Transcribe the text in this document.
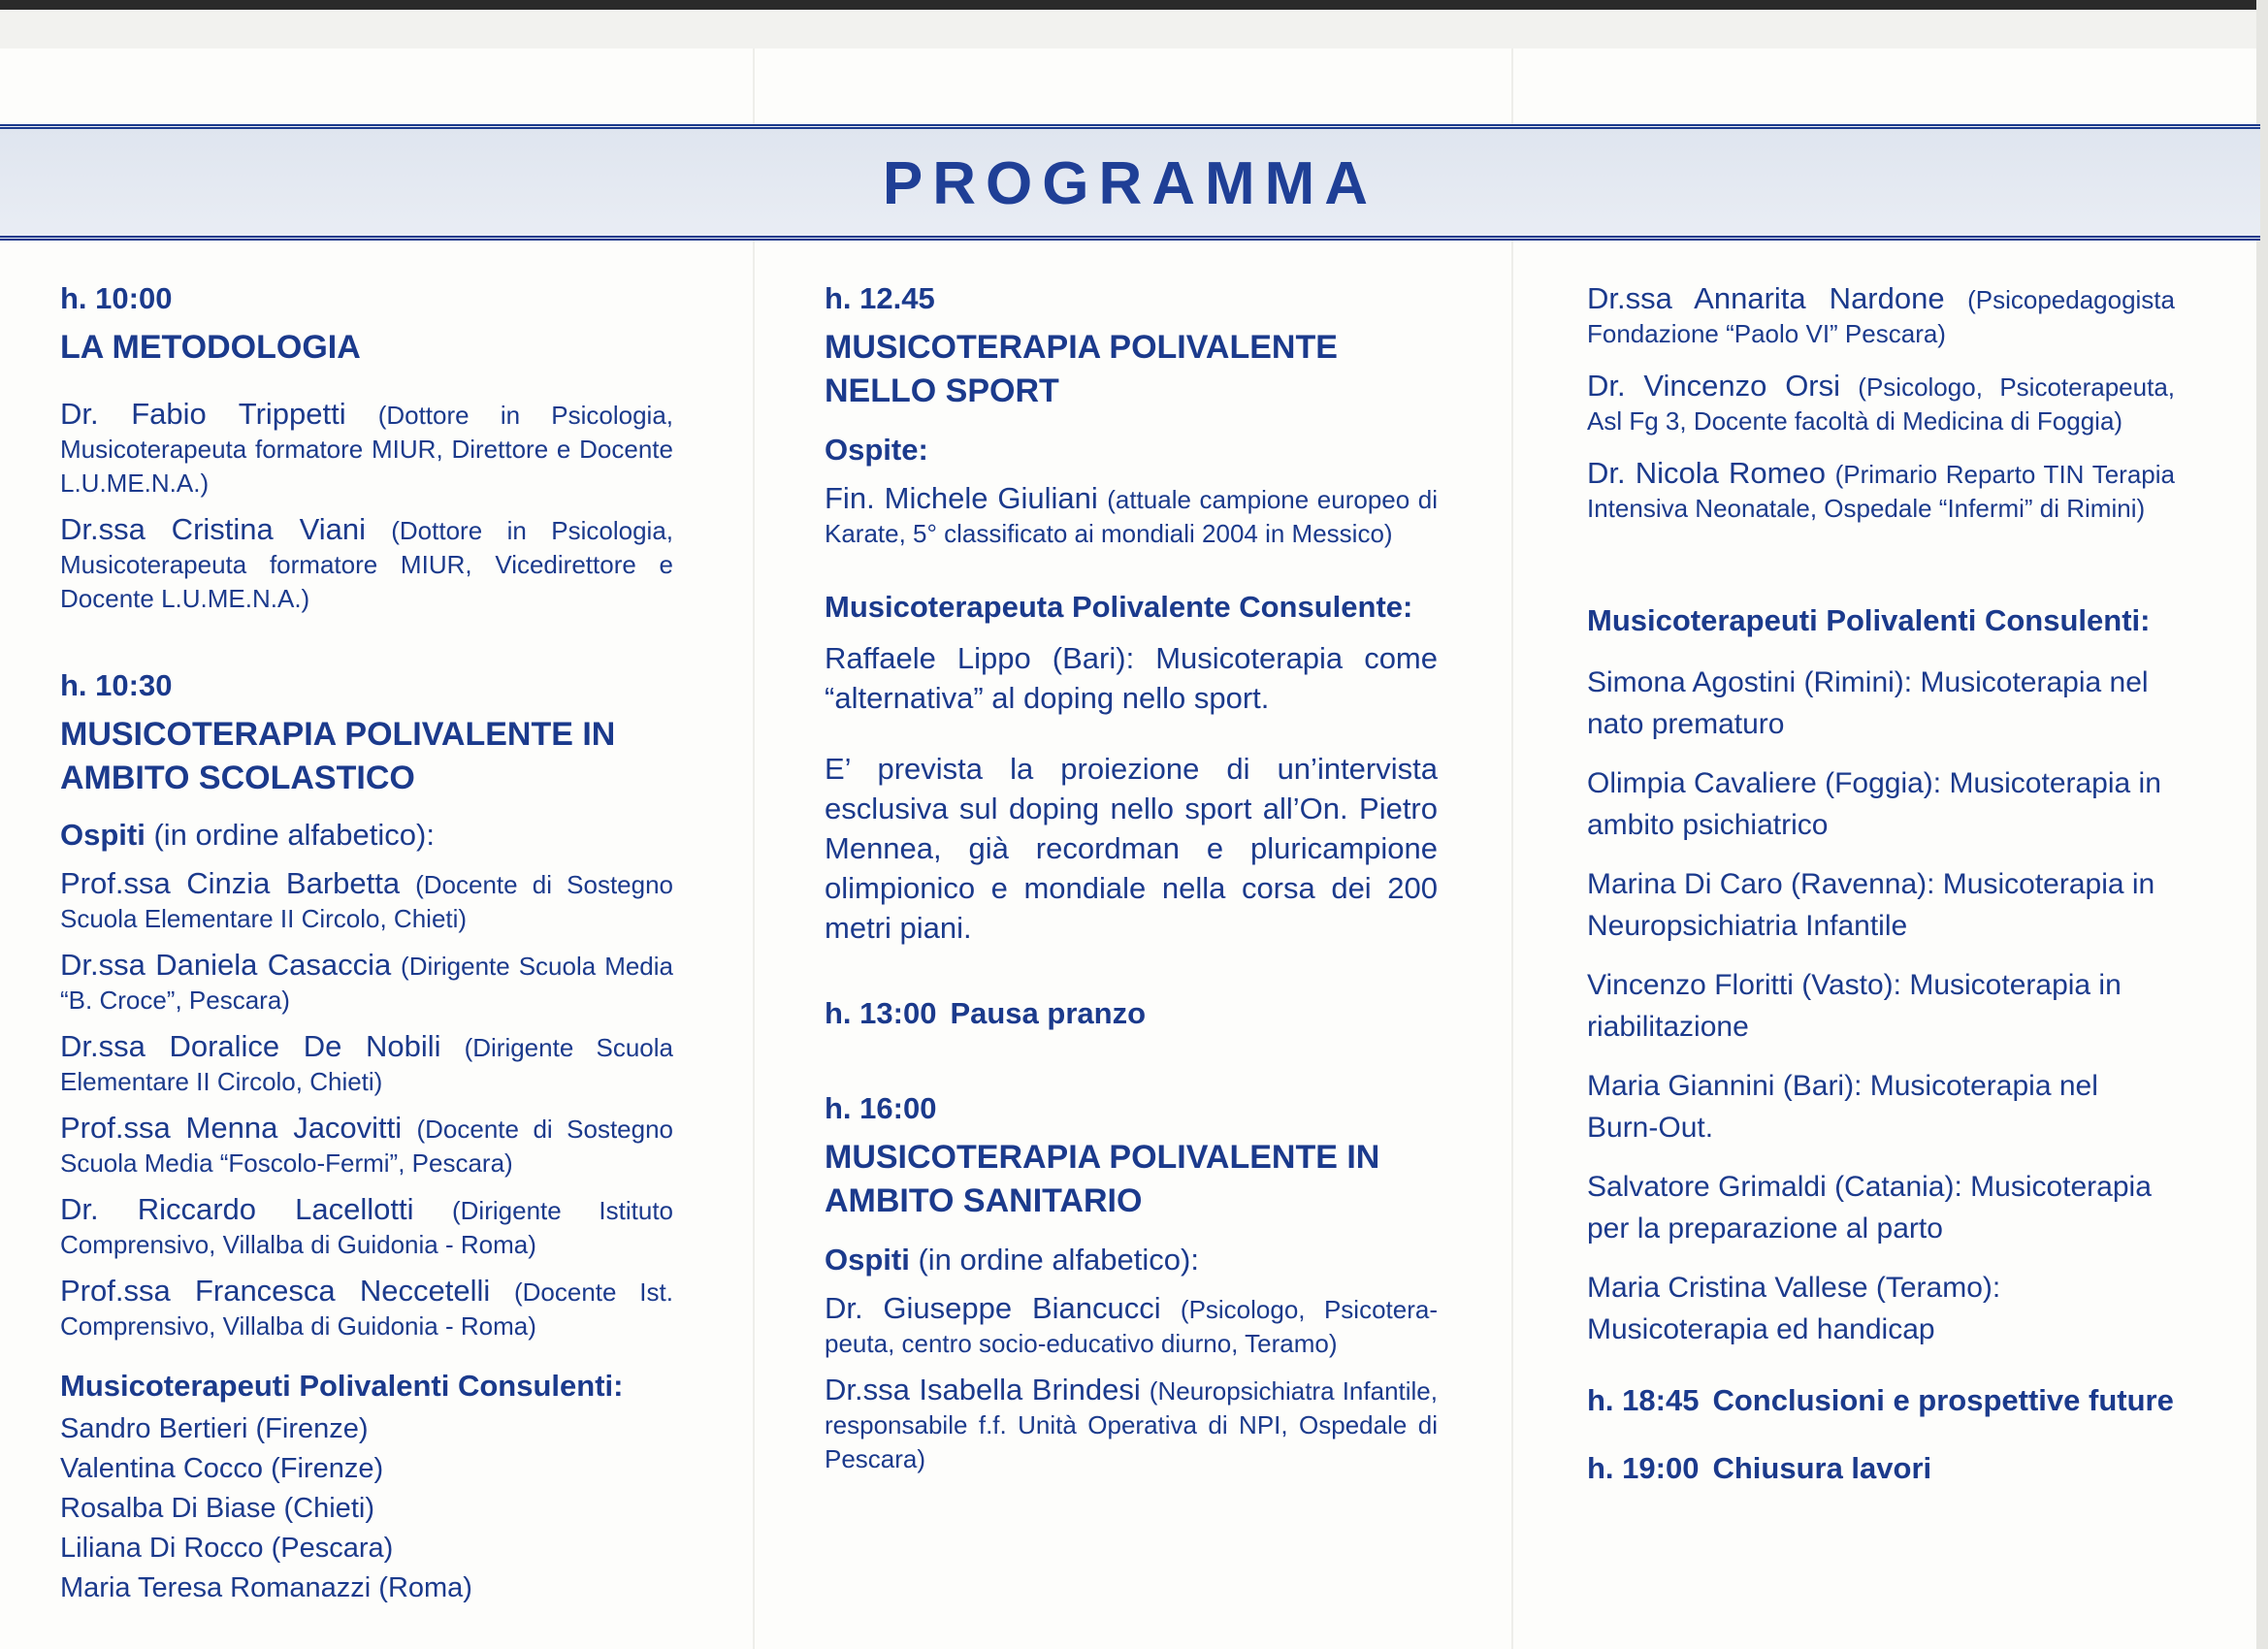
PROGRAMMA
h. 10:00
LA METODOLOGIA
Dr. Fabio Trippetti (Dottore in Psicologia, Musicoterapeuta formatore MIUR, Direttore e Docente L.U.ME.N.A.)
Dr.ssa Cristina Viani (Dottore in Psicologia, Musicoterapeuta formatore MIUR, Vicedirettore e Docente L.U.ME.N.A.)
h. 10:30
MUSICOTERAPIA POLIVALENTE IN AMBITO SCOLASTICO
Ospiti (in ordine alfabetico):
Prof.ssa Cinzia Barbetta (Docente di Sostegno Scuola Elementare II Circolo, Chieti)
Dr.ssa Daniela Casaccia (Dirigente Scuola Media “B. Croce”, Pescara)
Dr.ssa Doralice De Nobili (Dirigente Scuola Elementare II Circolo, Chieti)
Prof.ssa Menna Jacovitti (Docente di Sostegno Scuola Media “Foscolo-Fermi”, Pescara)
Dr. Riccardo Lacellotti (Dirigente Istituto Comprensivo, Villalba di Guidonia - Roma)
Prof.ssa Francesca Neccetelli (Docente Ist. Comprensivo, Villalba di Guidonia - Roma)
Musicoterapeuti Polivalenti Consulenti:
Sandro Bertieri (Firenze)
Valentina Cocco (Firenze)
Rosalba Di Biase (Chieti)
Liliana Di Rocco (Pescara)
Maria Teresa Romanazzi (Roma)
h. 12.45
MUSICOTERAPIA POLIVALENTE NELLO SPORT
Ospite:
Fin. Michele Giuliani (attuale campione europeo di Karate, 5° classificato ai mondiali 2004 in Messico)
Musicoterapeuta Polivalente Consulente:
Raffaele Lippo (Bari): Musicoterapia come “alternativa” al doping nello sport.
E’ prevista la proiezione di un’intervista esclusiva sul doping nello sport all’On. Pietro Mennea, già recordman e pluricampione olimpionico e mondiale nella corsa dei 200 metri piani.
h. 13:00 Pausa pranzo
h. 16:00
MUSICOTERAPIA POLIVALENTE IN AMBITO SANITARIO
Ospiti (in ordine alfabetico):
Dr. Giuseppe Biancucci (Psicologo, Psicotera-peuta, centro socio-educativo diurno, Teramo)
Dr.ssa Isabella Brindesi (Neuropsichiatra Infantile, responsabile f.f. Unità Operativa di NPI, Ospedale di Pescara)
Dr.ssa Annarita Nardone (Psicopedagogista Fondazione “Paolo VI” Pescara)
Dr. Vincenzo Orsi (Psicologo, Psicoterapeuta, Asl Fg 3, Docente facoltà di Medicina di Foggia)
Dr. Nicola Romeo (Primario Reparto TIN Terapia Intensiva Neonatale, Ospedale “Infermi” di Rimini)
Musicoterapeuti Polivalenti Consulenti:
Simona Agostini (Rimini): Musicoterapia nel nato prematuro
Olimpia Cavaliere (Foggia): Musicoterapia in ambito psichiatrico
Marina Di Caro (Ravenna): Musicoterapia in Neuropsichiatria Infantile
Vincenzo Floritti (Vasto): Musicoterapia in riabilitazione
Maria Giannini (Bari): Musicoterapia nel Burn-Out.
Salvatore Grimaldi (Catania): Musicoterapia per la preparazione al parto
Maria Cristina Vallese (Teramo): Musicoterapia ed handicap
h. 18:45 Conclusioni e prospettive future
h. 19:00 Chiusura lavori
